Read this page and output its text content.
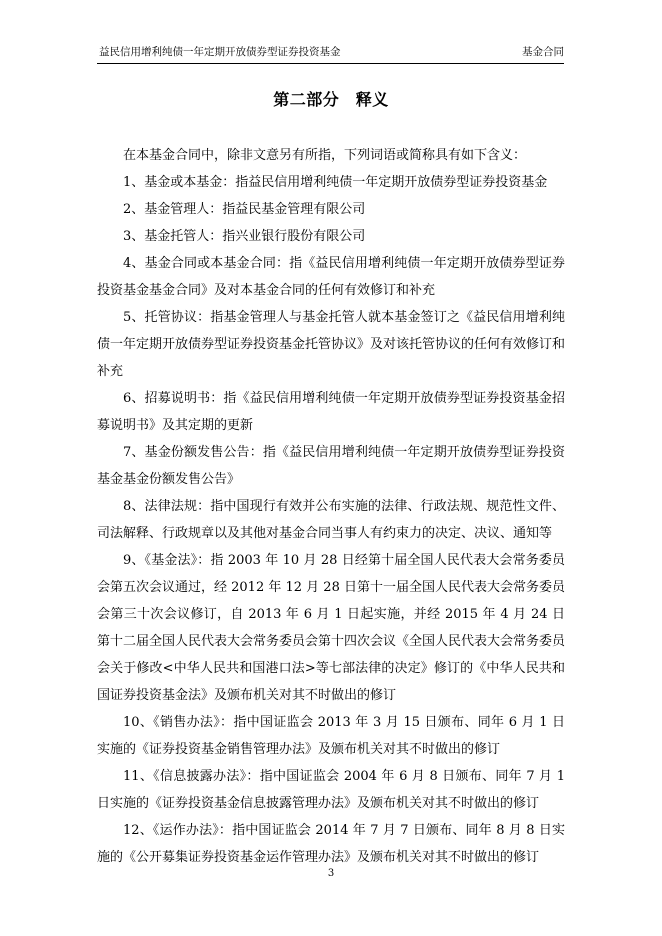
益民信用增利纯债一年定期开放债券型证券投资基金	基金合同
第二部分　释义

在本基金合同中，除非文意另有所指，下列词语或简称具有如下含义：

1、基金或本基金：指益民信用增利纯债一年定期开放债券型证券投资基金

2、基金管理人：指益民基金管理有限公司

3、基金托管人：指兴业银行股份有限公司

4、基金合同或本基金合同：指《益民信用增利纯债一年定期开放债券型证券投资基金基金合同》及对本基金合同的任何有效修订和补充

5、托管协议：指基金管理人与基金托管人就本基金签订之《益民信用增利纯债一年定期开放债券型证券投资基金托管协议》及对该托管协议的任何有效修订和补充

6、招募说明书：指《益民信用增利纯债一年定期开放债券型证券投资基金招募说明书》及其定期的更新

7、基金份额发售公告：指《益民信用增利纯债一年定期开放债券型证券投资基金基金份额发售公告》

8、法律法规：指中国现行有效并公布实施的法律、行政法规、规范性文件、司法解释、行政规章以及其他对基金合同当事人有约束力的决定、决议、通知等

9、《基金法》：指 2003 年 10 月 28 日经第十届全国人民代表大会常务委员会第五次会议通过，经 2012 年 12 月 28 日第十一届全国人民代表大会常务委员会第三十次会议修订，自 2013 年 6 月 1 日起实施，并经 2015 年 4 月 24 日第十二届全国人民代表大会常务委员会第十四次会议《全国人民代表大会常务委员会关于修改<中华人民共和国港口法>等七部法律的决定》修订的《中华人民共和国证券投资基金法》及颁布机关对其不时做出的修订

10、《销售办法》：指中国证监会 2013 年 3 月 15 日颁布、同年 6 月 1 日实施的《证券投资基金销售管理办法》及颁布机关对其不时做出的修订

11、《信息披露办法》：指中国证监会 2004 年 6 月 8 日颁布、同年 7 月 1 日实施的《证券投资基金信息披露管理办法》及颁布机关对其不时做出的修订

12、《运作办法》：指中国证监会 2014 年 7 月 7 日颁布、同年 8 月 8 日实施的《公开募集证券投资基金运作管理办法》及颁布机关对其不时做出的修订

3
